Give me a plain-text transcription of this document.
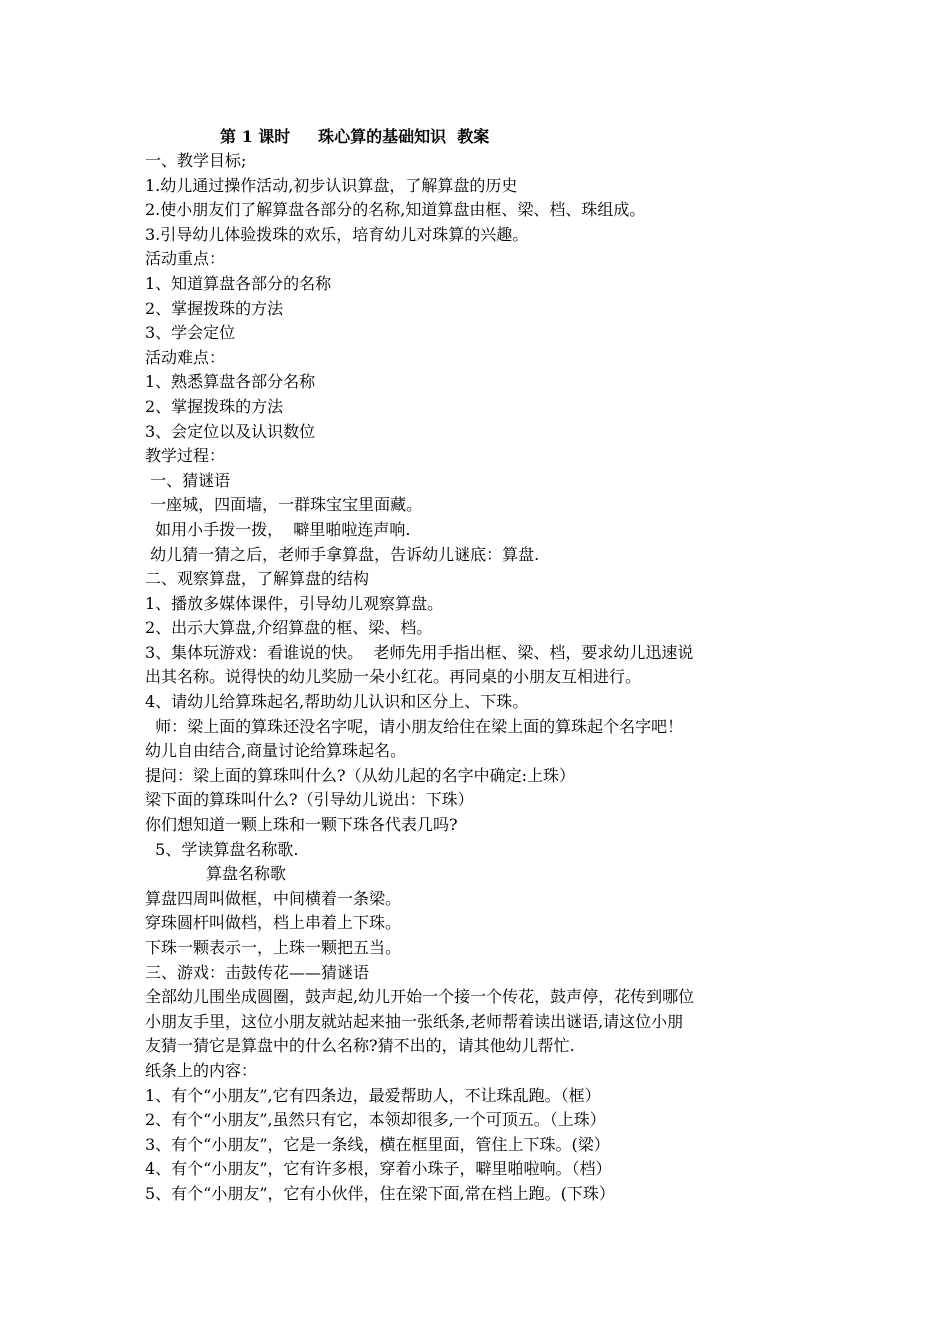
第 1 课时     珠心算的基础知识  教案
一、教学目标;
1.幼儿通过操作活动,初步认识算盘，了解算盘的历史
2.使小朋友们了解算盘各部分的名称,知道算盘由框、梁、档、珠组成。
3.引导幼儿体验拨珠的欢乐，培育幼儿对珠算的兴趣。
活动重点：
1、知道算盘各部分的名称
2、掌握拨珠的方法
3、学会定位
活动难点：
1、熟悉算盘各部分名称
2、掌握拨珠的方法
3、会定位以及认识数位
教学过程：
一、猜谜语
一座城，四面墙，一群珠宝宝里面藏。
如用小手拨一拨，  噼里啪啦连声响.
幼儿猜一猜之后，老师手拿算盘，告诉幼儿谜底：算盘.
二、观察算盘，了解算盘的结构
1、播放多媒体课件，引导幼儿观察算盘。
2、出示大算盘,介绍算盘的框、梁、档。
3、集体玩游戏：看谁说的快。  老师先用手指出框、梁、档，要求幼儿迅速说
出其名称。说得快的幼儿奖励一朵小红花。再同桌的小朋友互相进行。
4、请幼儿给算珠起名,帮助幼儿认识和区分上、下珠。
师：梁上面的算珠还没名字呢，请小朋友给住在梁上面的算珠起个名字吧！
幼儿自由结合,商量讨论给算珠起名。
提问：梁上面的算珠叫什么?（从幼儿起的名字中确定:上珠）
梁下面的算珠叫什么?（引导幼儿说出：下珠）
你们想知道一颗上珠和一颗下珠各代表几吗?
5、学读算盘名称歌.
算盘名称歌
算盘四周叫做框，中间横着一条梁。
穿珠圆杆叫做档，档上串着上下珠。
下珠一颗表示一，上珠一颗把五当。
三、游戏：击鼓传花——猜谜语
全部幼儿围坐成圆圈，鼓声起,幼儿开始一个接一个传花，鼓声停，花传到哪位
小朋友手里，这位小朋友就站起来抽一张纸条,老师帮着读出谜语,请这位小朋
友猜一猜它是算盘中的什么名称?猜不出的，请其他幼儿帮忙.
纸条上的内容：
1、有个“小朋友”,它有四条边，最爱帮助人，不让珠乱跑。（框）
2、有个“小朋友”,虽然只有它，本领却很多,一个可顶五。（上珠）
3、有个“小朋友”，它是一条线，横在框里面，管住上下珠。(梁）
4、有个“小朋友”，它有许多根，穿着小珠子，噼里啪啦响。（档）
5、有个“小朋友”，它有小伙伴，住在梁下面,常在档上跑。(下珠）
